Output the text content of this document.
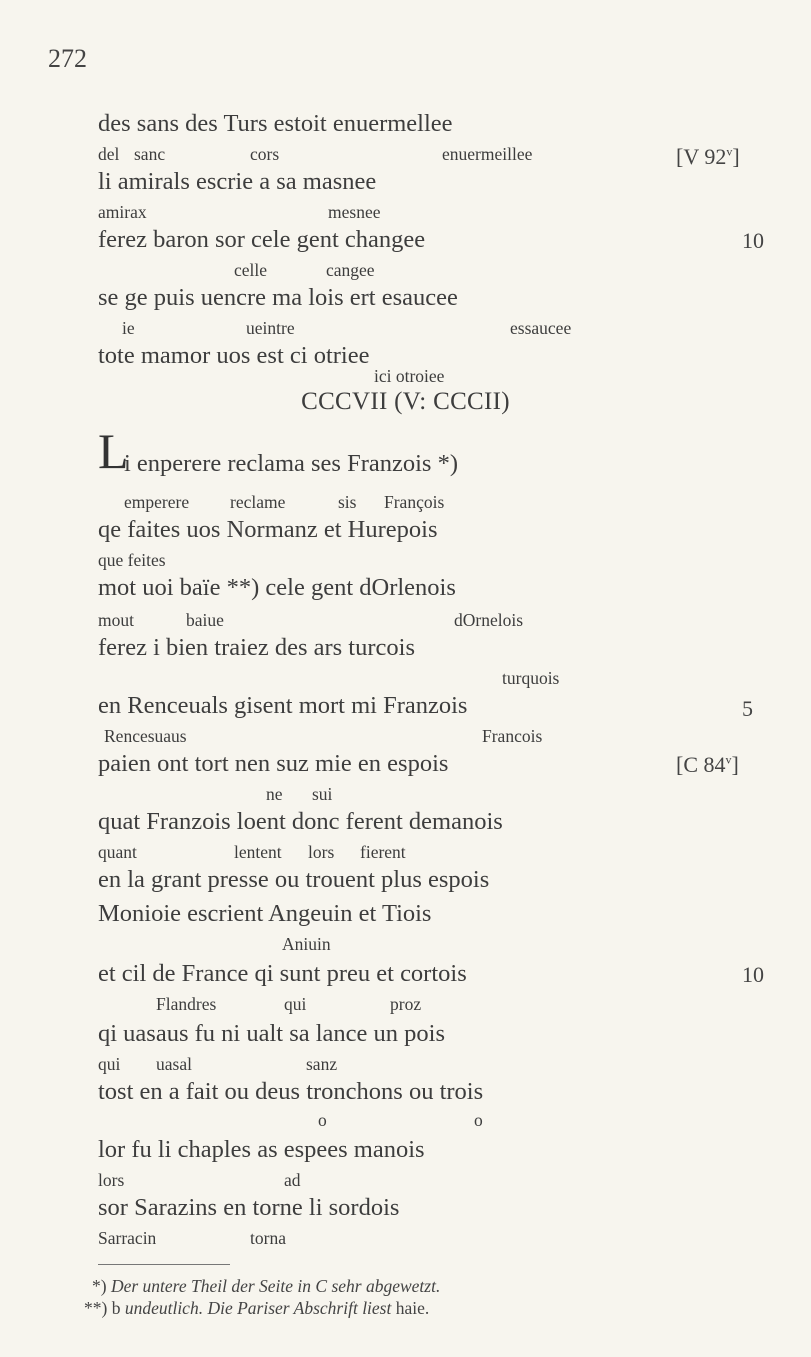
272
des sans des Turs estoit enuermellee
del sanc	cors	enuermeillee
li amirals escrie a sa masnee
amirax	mesnee
ferez baron sor cele gent changee
celle	cangee
se ge puis uencre ma lois ert esaucee
ie	ueintre	essaucee
tote mamor uos est ci otriee
ici otroiee
[V 92$^v$]
10
CCCVII (V: CCCII)
L
i enperere reclama ses Franzois *)
emperere reclame	sis François
qe faites uos Normanz et Hurepois
que feites
mot uoi baïe **) cele gent dOrlenois
mout	baiue	dOrnelois
ferez i bien traiez des ars turcois
turquois
en Renceuals gisent mort mi Franzois
Rencesuaus	Francois
paien ont tort nen suz mie en espois
ne sui
quat Franzois loent donc ferent demanois
quant	lentent lors fierent
en la grant presse ou trouent plus espois
Monioie escrient Angeuin et Tiois
Aniuin
et cil de France qi sunt preu et cortois
Flandres	qui	proz
qi uasaus fu ni ualt sa lance un pois
qui uasal	sanz
tost en a fait ou deus tronchons ou trois
o	o
lor fu li chaples as espees manois
lors	ad
sor Sarazins en torne li sordois
Sarracin	torna
5
[C 84$^v$]
10
*) Der untere Theil der Seite in C sehr abgewetzt.
**) b undeutlich. Die Pariser Abschrift liest haie.
